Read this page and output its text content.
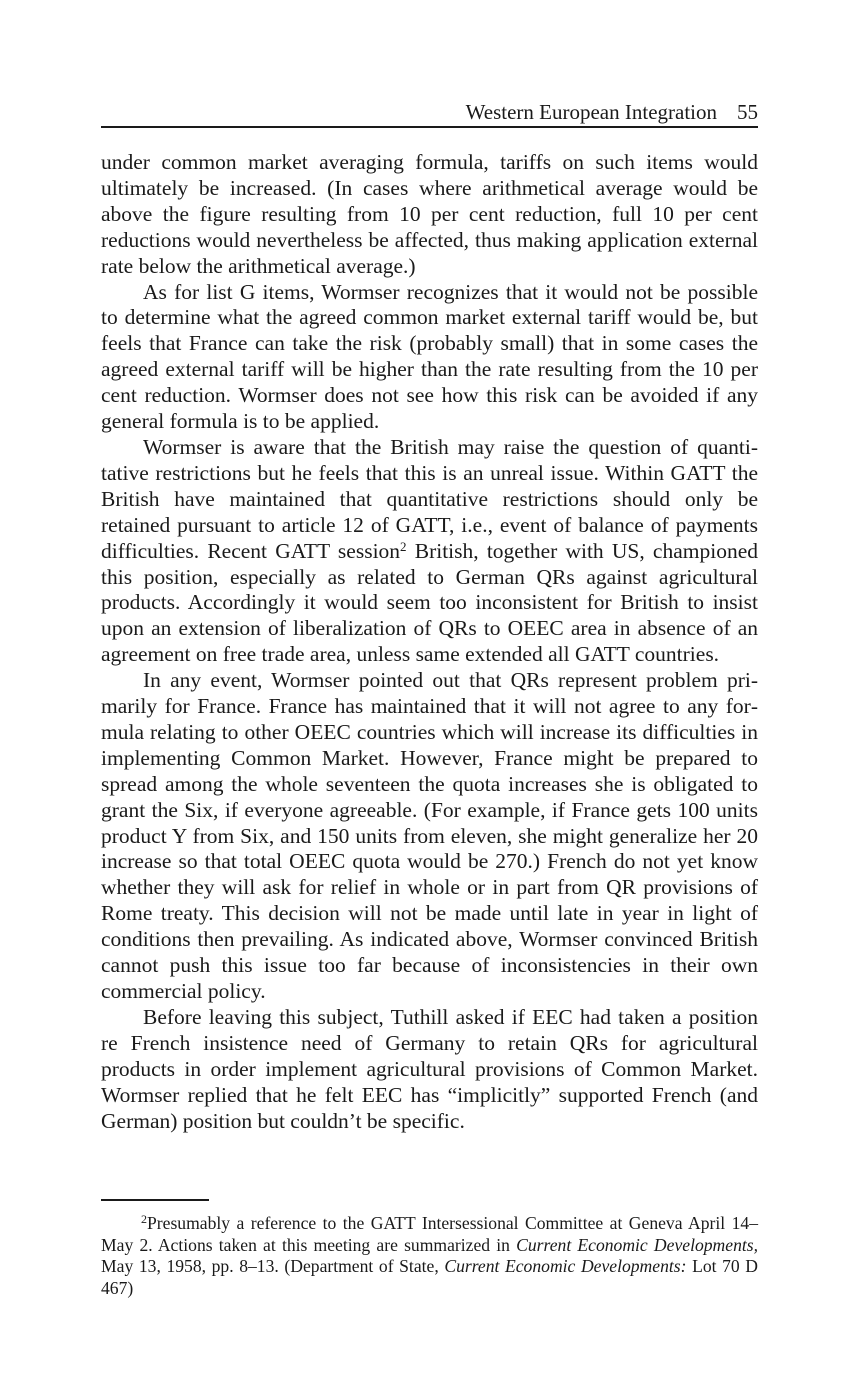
Western European Integration 55

under common market averaging formula, tariffs on such items would ultimately be increased. (In cases where arithmetical average would be above the figure resulting from 10 per cent reduction, full 10 per cent reductions would nevertheless be affected, thus making application external rate below the arithmetical average.)

As for list G items, Wormser recognizes that it would not be possible to determine what the agreed common market external tariff would be, but feels that France can take the risk (probably small) that in some cases the agreed external tariff will be higher than the rate resulting from the 10 per cent reduction. Wormser does not see how this risk can be avoided if any general formula is to be applied.

Wormser is aware that the British may raise the question of quantitative restrictions but he feels that this is an unreal issue. Within GATT the British have maintained that quantitative restrictions should only be retained pursuant to article 12 of GATT, i.e., event of balance of payments difficulties. Recent GATT session$^2$ British, together with US, championed this position, especially as related to German QRs against agricultural products. Accordingly it would seem too inconsistent for British to insist upon an extension of liberalization of QRs to OEEC area in absence of an agreement on free trade area, unless same extended all GATT countries.

In any event, Wormser pointed out that QRs represent problem primarily for France. France has maintained that it will not agree to any formula relating to other OEEC countries which will increase its difficulties in implementing Common Market. However, France might be prepared to spread among the whole seventeen the quota increases she is obligated to grant the Six, if everyone agreeable. (For example, if France gets 100 units product Y from Six, and 150 units from eleven, she might generalize her 20 increase so that total OEEC quota would be 270.) French do not yet know whether they will ask for relief in whole or in part from QR provisions of Rome treaty. This decision will not be made until late in year in light of conditions then prevailing. As indicated above, Wormser convinced British cannot push this issue too far because of inconsistencies in their own commercial policy.

Before leaving this subject, Tuthill asked if EEC had taken a position re French insistence need of Germany to retain QRs for agricultural products in order implement agricultural provisions of Common Market. Wormser replied that he felt EEC has “implicitly” supported French (and German) position but couldn’t be specific.

$^2$Presumably a reference to the GATT Intersessional Committee at Geneva April 14–May 2. Actions taken at this meeting are summarized in Current Economic Developments, May 13, 1958, pp. 8–13. (Department of State, Current Economic Developments: Lot 70 D 467)
